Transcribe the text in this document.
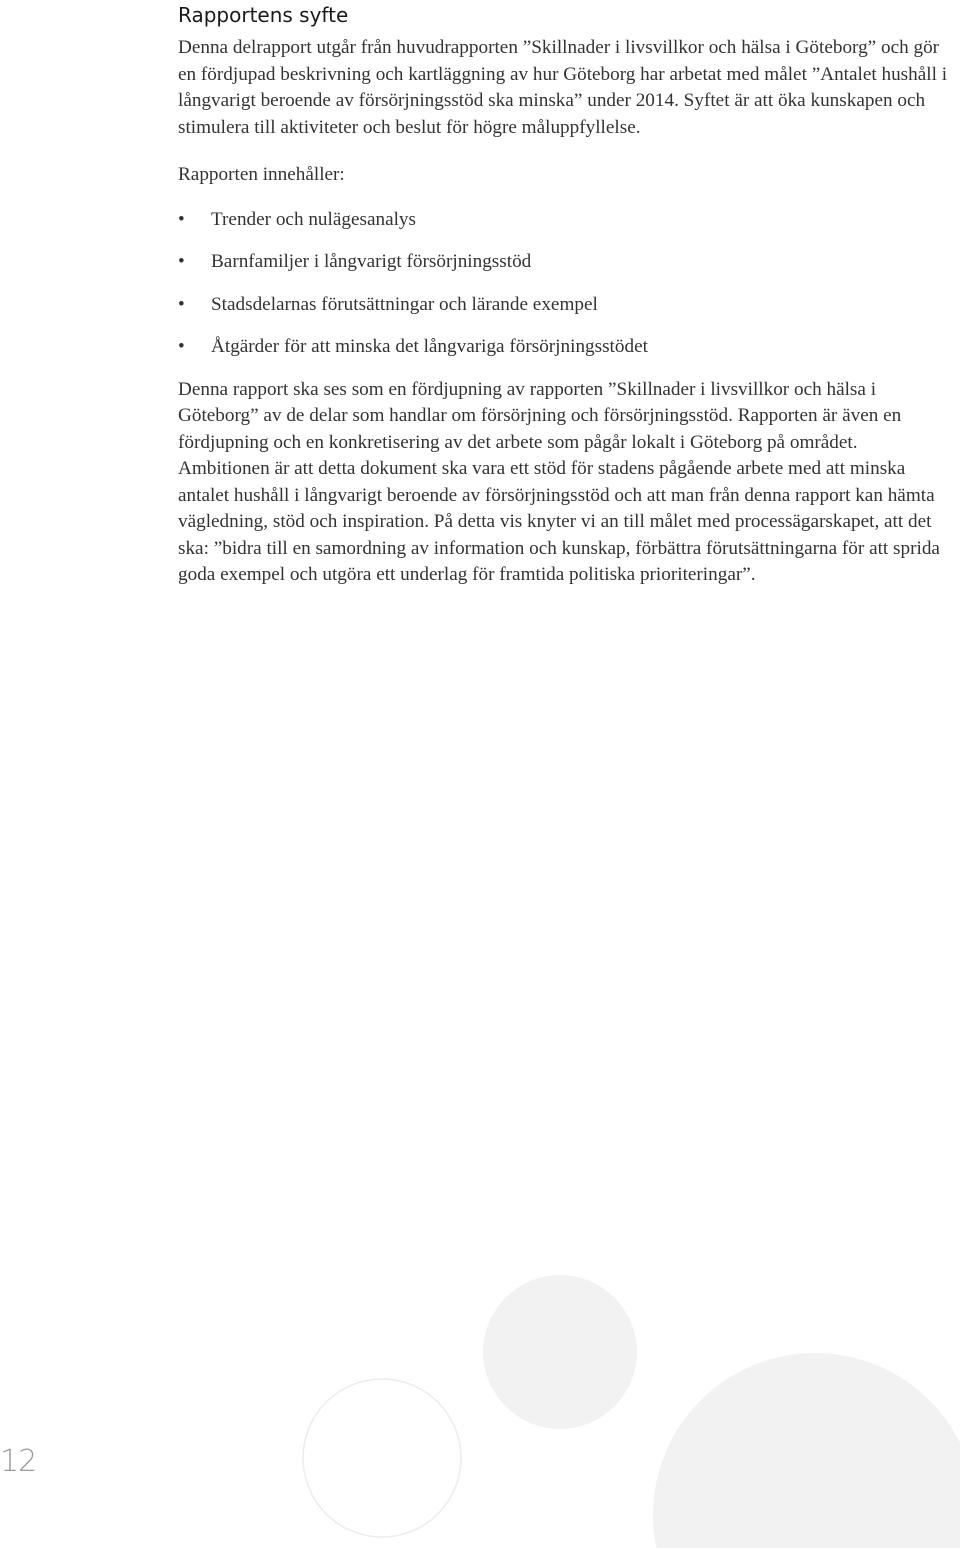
Rapportens syfte

Denna delrapport utgår från huvudrapporten ”Skillnader i livsvillkor och hälsa i Göteborg” och gör en fördjupad beskrivning och kartläggning av hur Göteborg har arbetat med målet ”Antalet hushåll i långvarigt beroende av försörjningsstöd ska minska” under 2014. Syftet är att öka kunskapen och stimulera till aktiviteter och beslut för högre måluppfyllelse.

Rapporten innehåller:

• Trender och nulägesanalys
• Barnfamiljer i långvarigt försörjningsstöd
• Stadsdelarnas förutsättningar och lärande exempel
• Åtgärder för att minska det långvariga försörjningsstödet

Denna rapport ska ses som en fördjupning av rapporten ”Skillnader i livsvillkor och hälsa i Göteborg” av de delar som handlar om försörjning och försörjningsstöd. Rapporten är även en fördjupning och en konkretisering av det arbete som pågår lokalt i Göteborg på området. Ambitionen är att detta dokument ska vara ett stöd för stadens pågående arbete med att minska antalet hushåll i långvarigt beroende av försörjningsstöd och att man från denna rapport kan hämta vägledning, stöd och inspiration. På detta vis knyter vi an till målet med processägarskapet, att det ska: ”bidra till en samordning av information och kunskap, förbättra förutsättningarna för att sprida goda exempel och utgöra ett underlag för framtida politiska prioriteringar”.

12
